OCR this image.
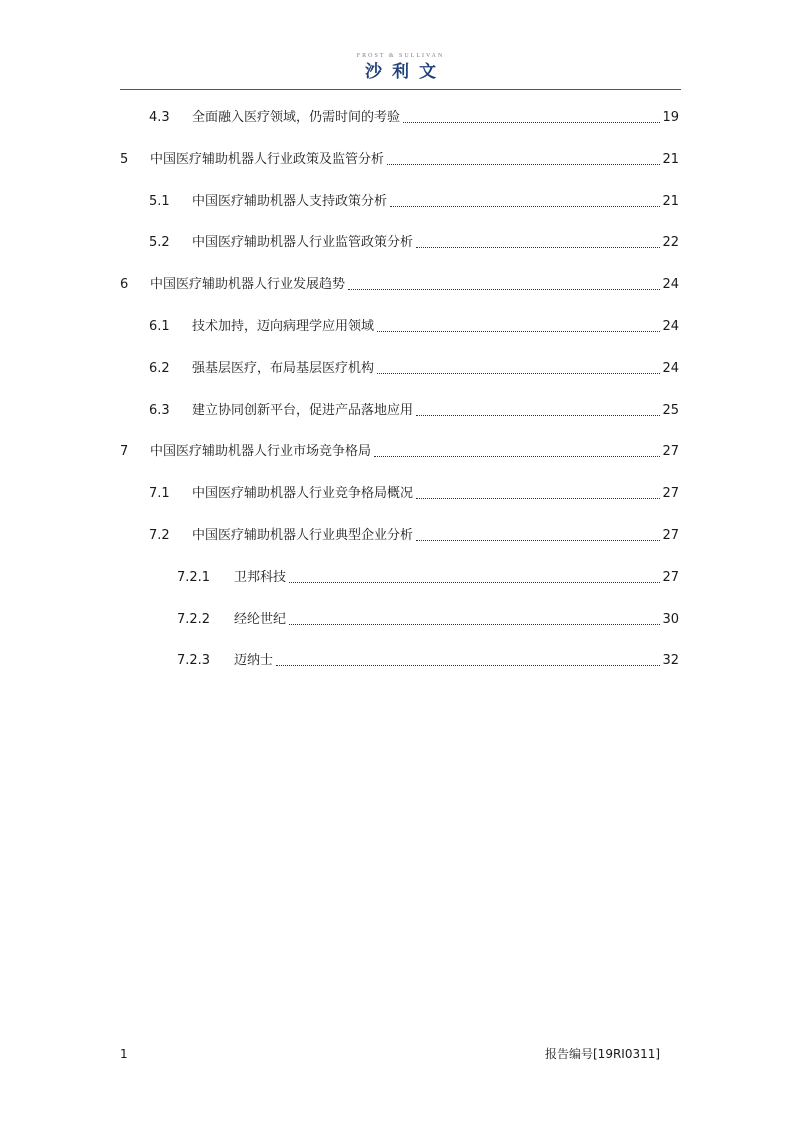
FROST & SULLIVAN
沙利文
4.3	全面融入医疗领域，仍需时间的考验	19
5	中国医疗辅助机器人行业政策及监管分析	21
5.1	中国医疗辅助机器人支持政策分析	21
5.2	中国医疗辅助机器人行业监管政策分析	22
6	中国医疗辅助机器人行业发展趋势	24
6.1	技术加持，迈向病理学应用领域	24
6.2	强基层医疗，布局基层医疗机构	24
6.3	建立协同创新平台，促进产品落地应用	25
7	中国医疗辅助机器人行业市场竞争格局	27
7.1	中国医疗辅助机器人行业竞争格局概况	27
7.2	中国医疗辅助机器人行业典型企业分析	27
7.2.1	卫邦科技	27
7.2.2	经纶世纪	30
7.2.3	迈纳士	32
1	报告编号[19RI0311]
